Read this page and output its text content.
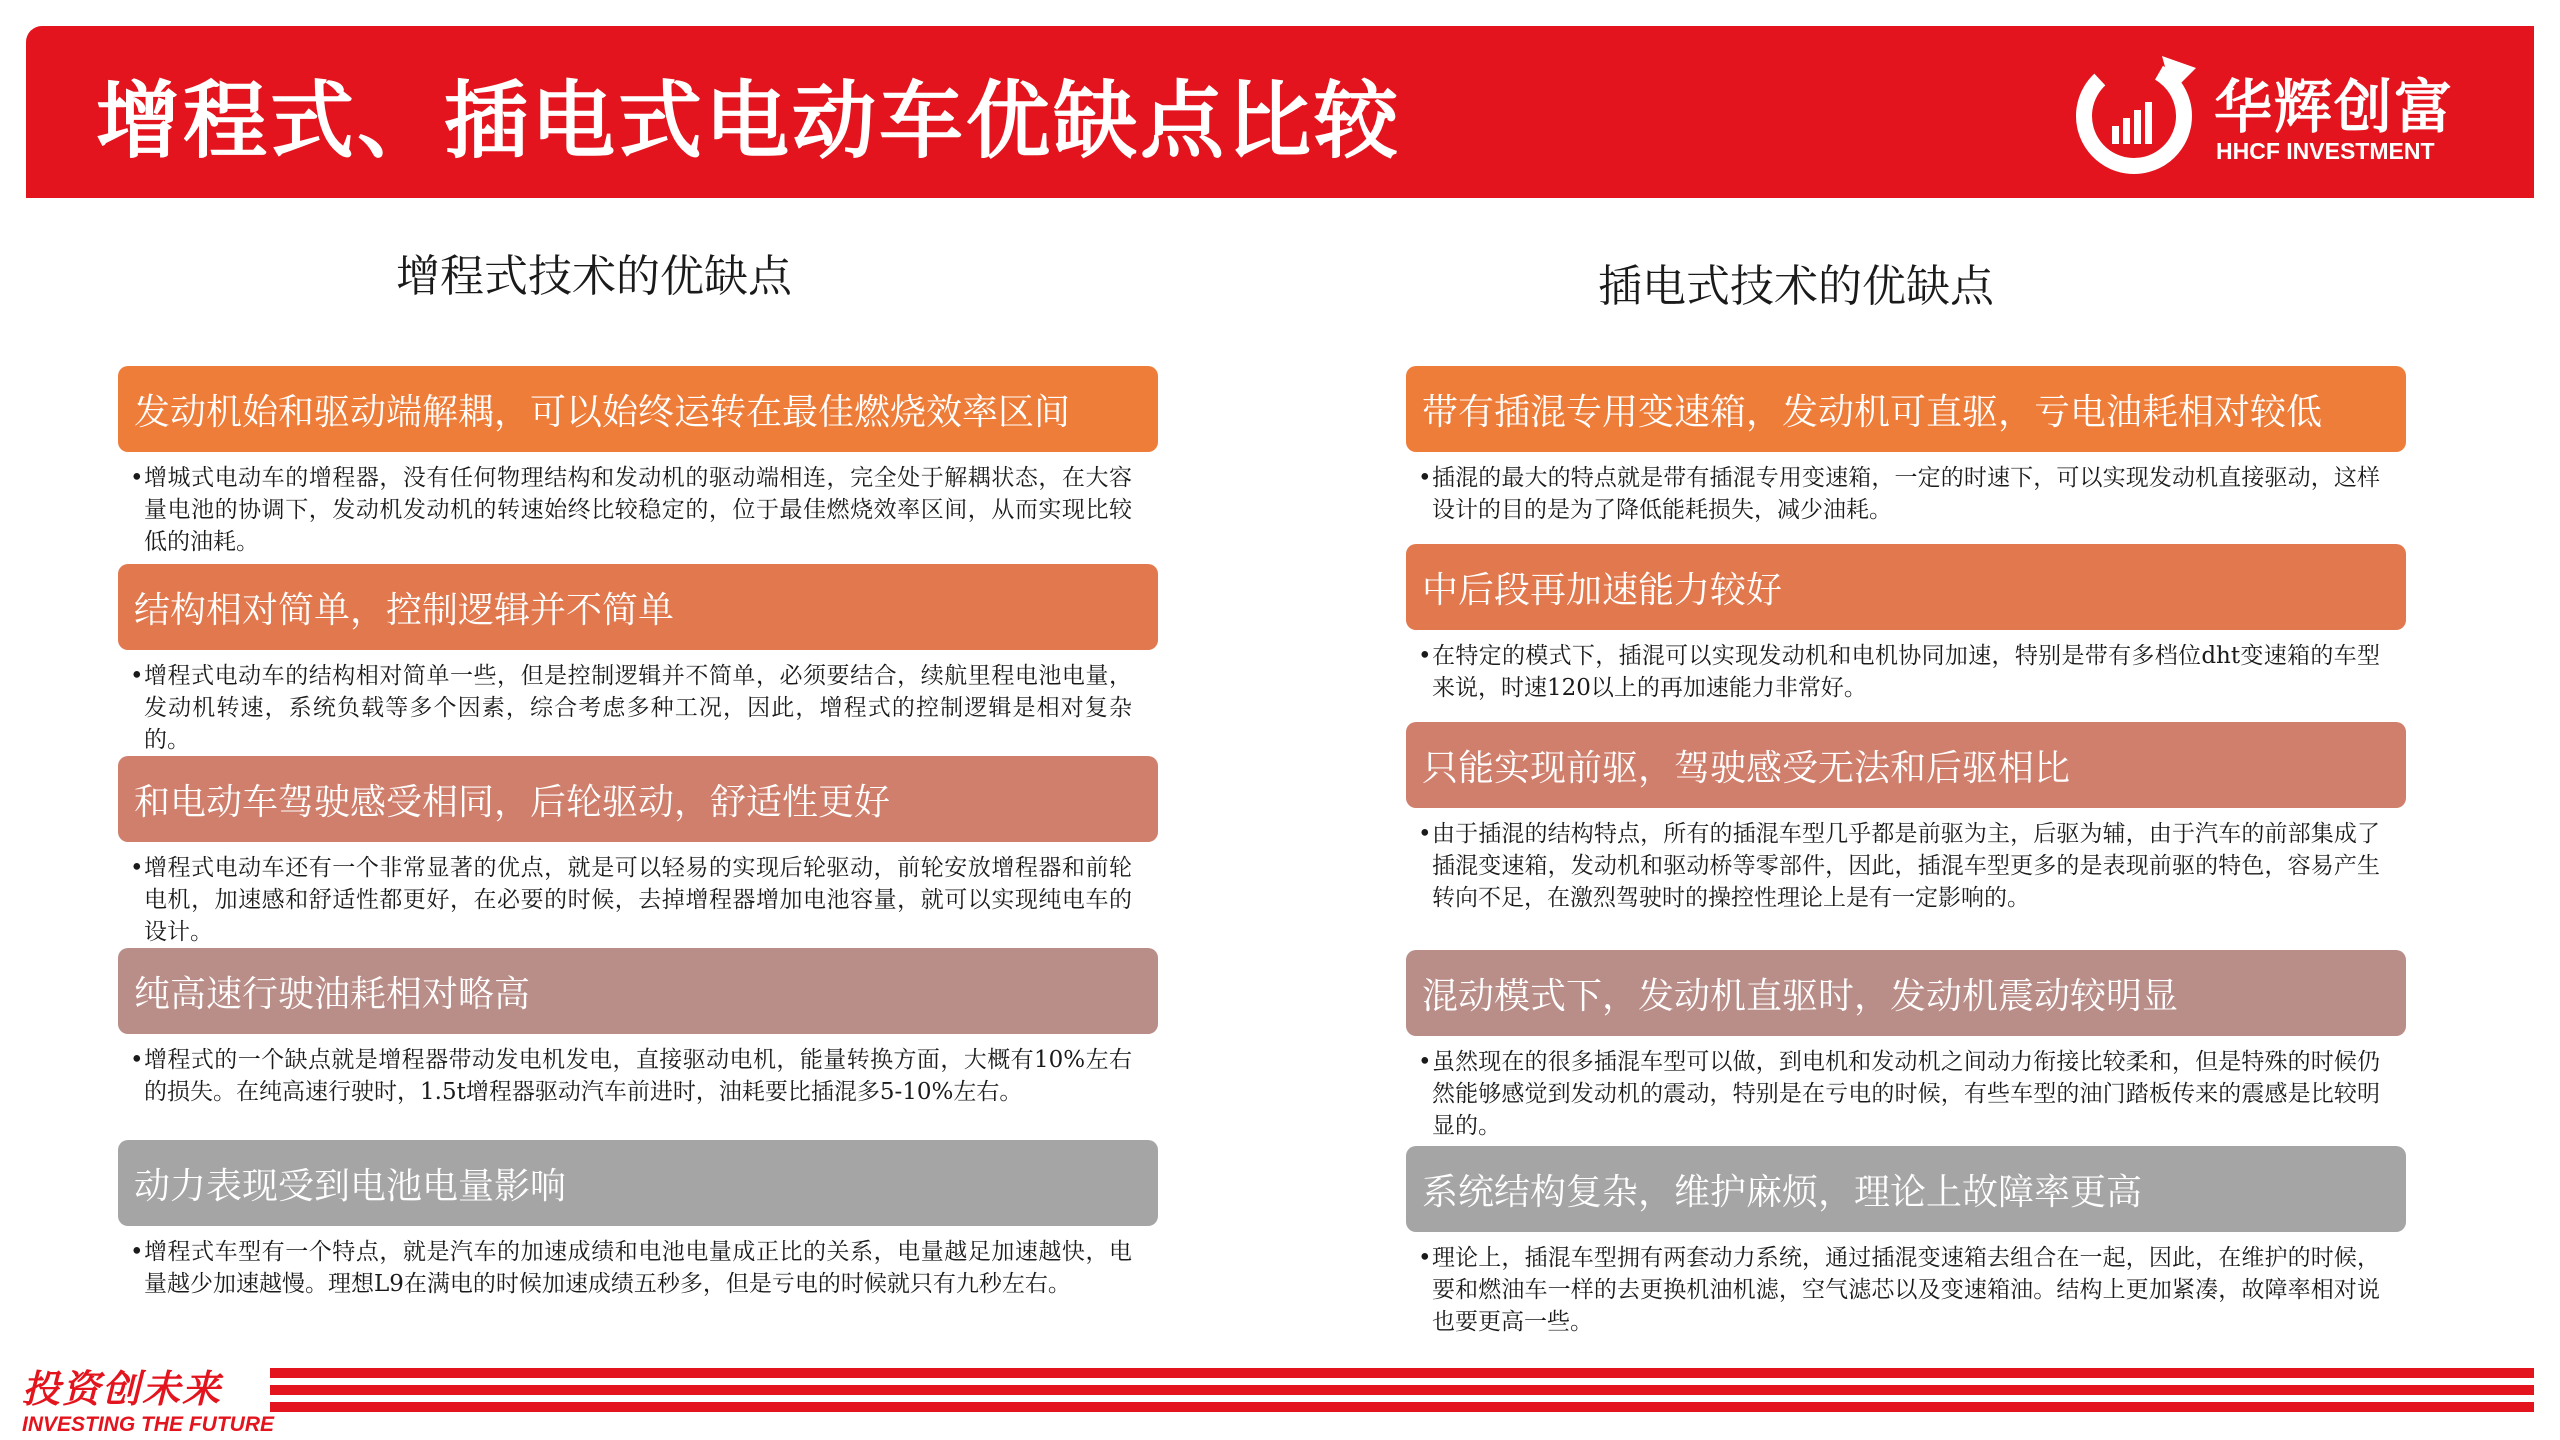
增程式、插电式电动车优缺点比较	华辉创富
HHCF INVESTMENT
增程式技术的优缺点	插电式技术的优缺点
发动机始和驱动端解耦，可以始终运转在最佳燃烧效率区间
• 增城式电动车的增程器，没有任何物理结构和发动机的驱动端相连，完全处于解耦状态，在大容量电池的协调下，发动机发动机的转速始终比较稳定的，位于最佳燃烧效率区间，从而实现比较低的油耗。
结构相对简单，控制逻辑并不简单
• 增程式电动车的结构相对简单一些，但是控制逻辑并不简单，必须要结合，续航里程电池电量，发动机转速，系统负载等多个因素，综合考虑多种工况，因此，增程式的控制逻辑是相对复杂的。
和电动车驾驶感受相同，后轮驱动，舒适性更好
• 增程式电动车还有一个非常显著的优点，就是可以轻易的实现后轮驱动，前轮安放增程器和前轮电机，加速感和舒适性都更好，在必要的时候，去掉增程器增加电池容量，就可以实现纯电车的设计。
纯高速行驶油耗相对略高
• 增程式的一个缺点就是增程器带动发电机发电，直接驱动电机，能量转换方面，大概有10%左右的损失。在纯高速行驶时，1.5t增程器驱动汽车前进时，油耗要比插混多5-10%左右。
动力表现受到电池电量影响
• 增程式车型有一个特点，就是汽车的加速成绩和电池电量成正比的关系，电量越足加速越快，电量越少加速越慢。理想L9在满电的时候加速成绩五秒多，但是亏电的时候就只有九秒左右。
带有插混专用变速箱，发动机可直驱，亏电油耗相对较低
• 插混的最大的特点就是带有插混专用变速箱，一定的时速下，可以实现发动机直接驱动，这样设计的目的是为了降低能耗损失，减少油耗。
中后段再加速能力较好
• 在特定的模式下，插混可以实现发动机和电机协同加速，特别是带有多档位dht变速箱的车型来说，时速120以上的再加速能力非常好。
只能实现前驱，驾驶感受无法和后驱相比
• 由于插混的结构特点，所有的插混车型几乎都是前驱为主，后驱为辅，由于汽车的前部集成了插混变速箱，发动机和驱动桥等零部件，因此，插混车型更多的是表现前驱的特色，容易产生转向不足，在激烈驾驶时的操控性理论上是有一定影响的。
混动模式下，发动机直驱时，发动机震动较明显
• 虽然现在的很多插混车型可以做，到电机和发动机之间动力衔接比较柔和，但是特殊的时候仍然能够感觉到发动机的震动，特别是在亏电的时候，有些车型的油门踏板传来的震感是比较明显的。
系统结构复杂，维护麻烦，理论上故障率更高
• 理论上，插混车型拥有两套动力系统，通过插混变速箱去组合在一起，因此，在维护的时候，要和燃油车一样的去更换机油机滤，空气滤芯以及变速箱油。结构上更加紧凑，故障率相对说也要更高一些。
投资创未来
INVESTING THE FUTURE
